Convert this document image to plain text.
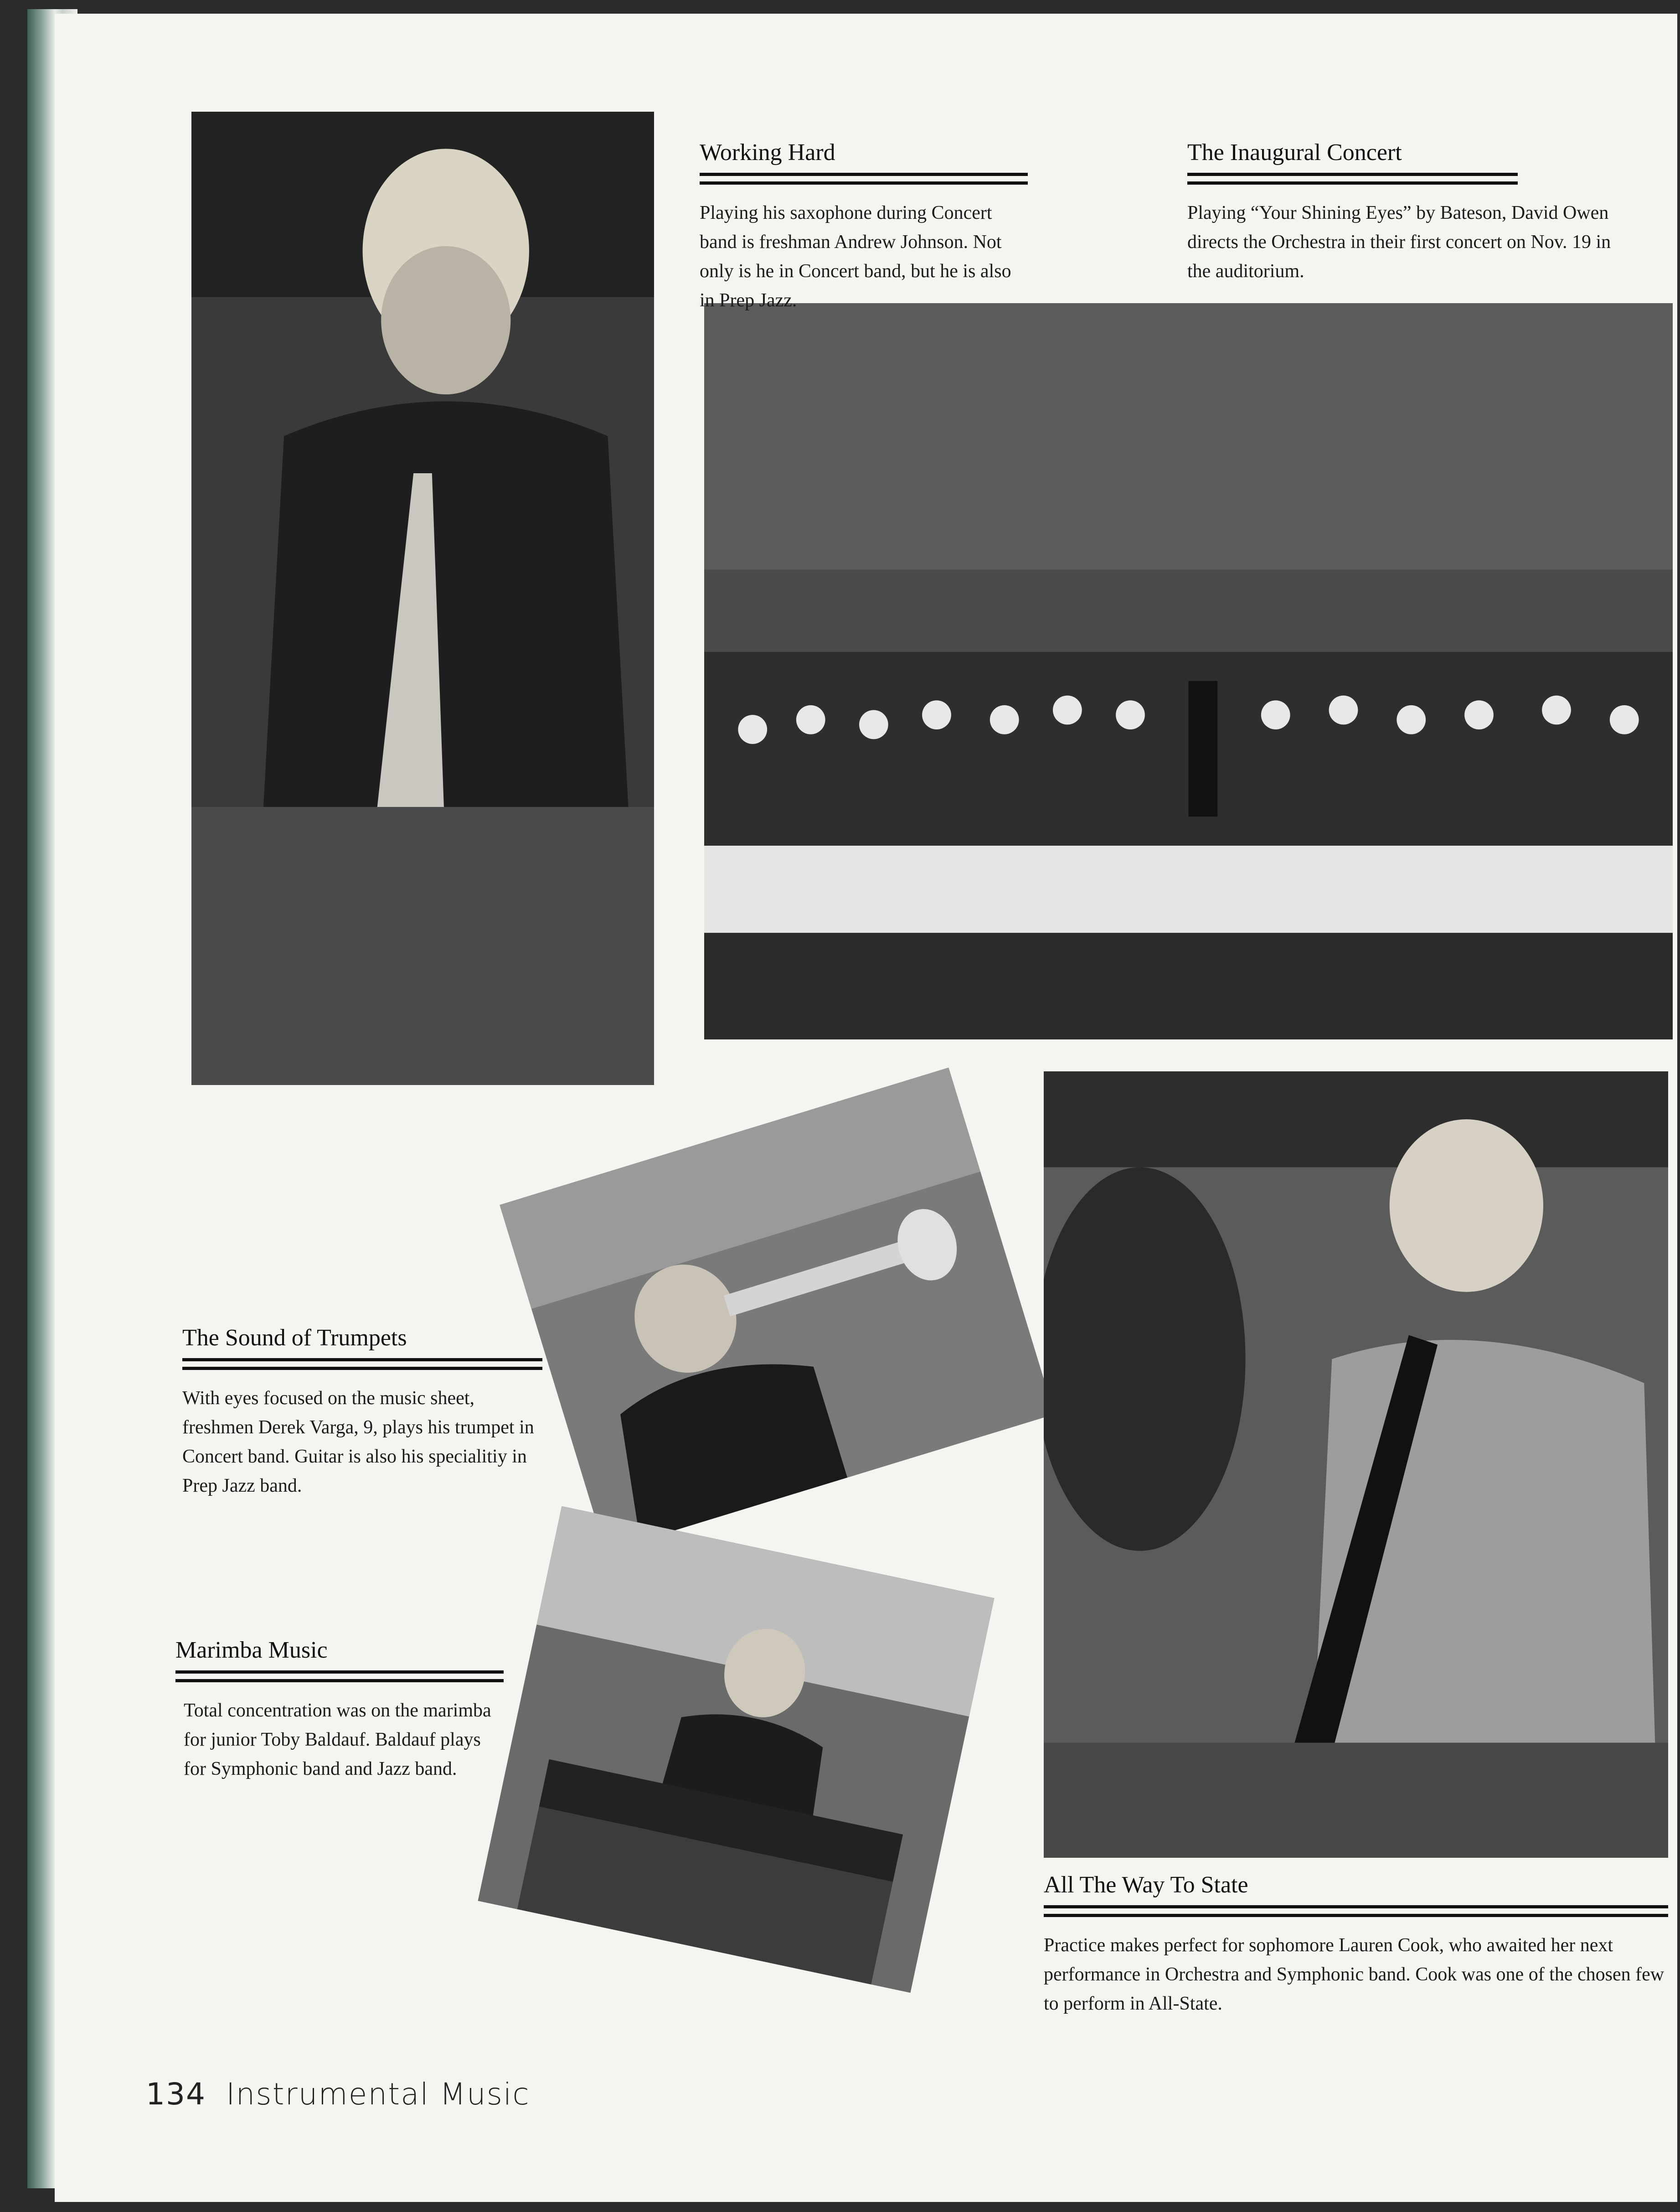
Working Hard
Playing his saxophone during Concert band is freshman Andrew Johnson. Not only is he in Concert band, but he is also in Prep Jazz.
The Inaugural Concert
Playing “Your Shining Eyes” by Bateson, David Owen directs the Orchestra in their first concert on Nov. 19 in the auditorium.
The Sound of Trumpets
With eyes focused on the music sheet, freshmen Derek Varga, 9, plays his trumpet in Concert band. Guitar is also his specialitiy in Prep Jazz band.
Marimba Music
Total concentration was on the marimba for junior Toby Baldauf. Baldauf plays for Symphonic band and Jazz band.
All The Way To State
Practice makes perfect for sophomore Lauren Cook, who awaited her next performance in Orchestra and Symphonic band. Cook was one of the chosen few to perform in All-State.
134 Instrumental Music
